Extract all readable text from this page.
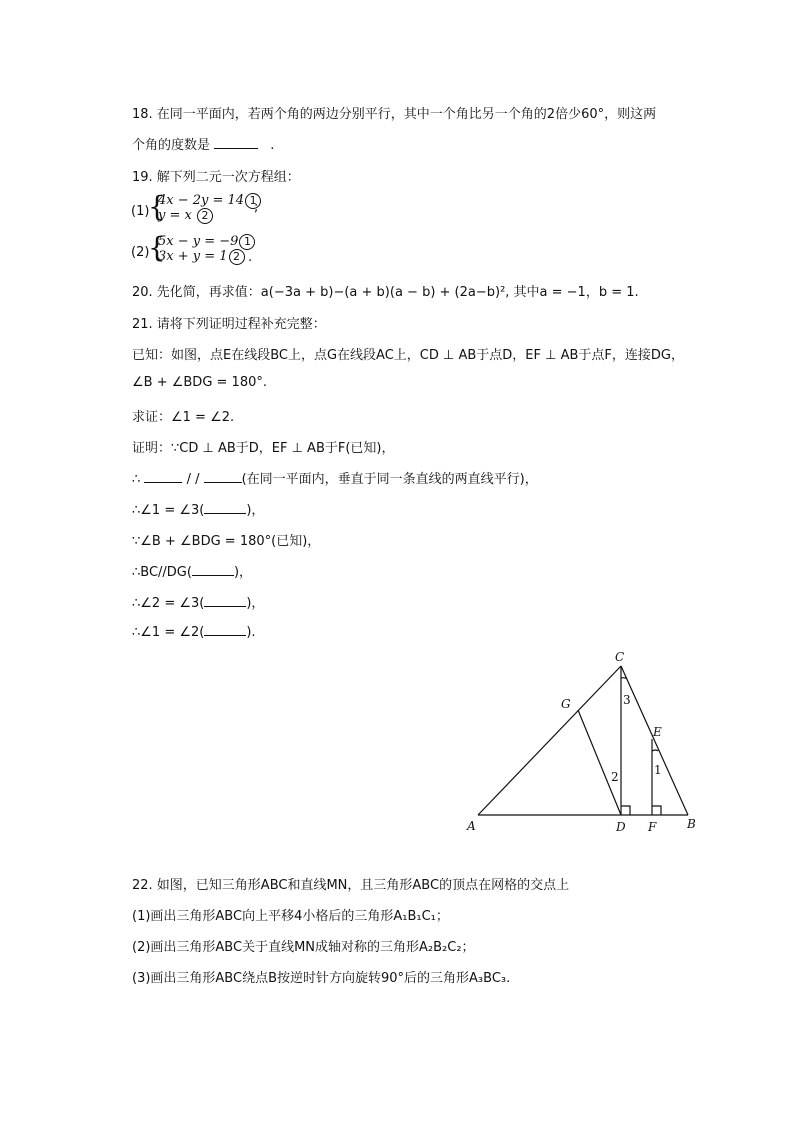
18. 在同一平面内，若两个角的两边分别平行，其中一个角比另一个角的2倍少60°，则这两
个角的度数是	.
19. 解下列二元一次方程组：
(1)
{
4x − 2y = 14 1
y = x 2
;
(2)
{
5x − y = −9 1
3x + y = 1 2 .
20. 先化简，再求值：a(−3a + b)−(a + b)(a − b) + (2a−b)², 其中a = −1，b = 1.
21. 请将下列证明过程补充完整：
已知：如图，点E在线段BC上，点G在线段AC上，CD ⊥ AB于点D，EF ⊥ AB于点F，连接DG，
∠B + ∠BDG = 180°.
求证：∠1 = ∠2.
证明：∵CD ⊥ AB于D，EF ⊥ AB于F(已知)，
∴	/ /	(在同一平面内，垂直于同一条直线的两直线平行)，
∴∠1 = ∠3(	)，
∵∠B + ∠BDG = 180°(已知)，
∴BC//DG(	)，
∴∠2 = ∠3(	)，
∴∠1 = ∠2(	).
C
G
E
A	D F	B
3
2	1
22. 如图，已知三角形ABC和直线MN，且三角形ABC的顶点在网格的交点上
(1)画出三角形ABC向上平移4小格后的三角形A₁B₁C₁；
(2)画出三角形ABC关于直线MN成轴对称的三角形A₂B₂C₂；
(3)画出三角形ABC绕点B按逆时针方向旋转90°后的三角形A₃BC₃.
